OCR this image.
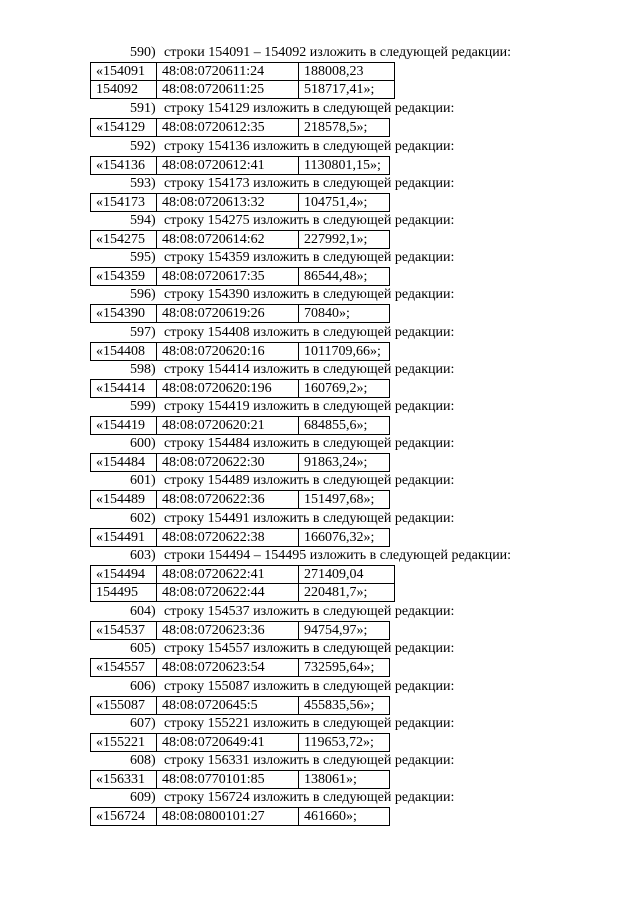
590) строки 154091 – 154092 изложить в следующей редакции:
«154091	48:08:0720611:24	188008,23
154092	48:08:0720611:25	518717,41»;
591) строку 154129 изложить в следующей редакции:
«154129	48:08:0720612:35	218578,5»;
592) строку 154136 изложить в следующей редакции:
«154136	48:08:0720612:41	1130801,15»;
593) строку 154173 изложить в следующей редакции:
«154173	48:08:0720613:32	104751,4»;
594) строку 154275 изложить в следующей редакции:
«154275	48:08:0720614:62	227992,1»;
595) строку 154359 изложить в следующей редакции:
«154359	48:08:0720617:35	86544,48»;
596) строку 154390 изложить в следующей редакции:
«154390	48:08:0720619:26	70840»;
597) строку 154408 изложить в следующей редакции:
«154408	48:08:0720620:16	1011709,66»;
598) строку 154414 изложить в следующей редакции:
«154414	48:08:0720620:196	160769,2»;
599) строку 154419 изложить в следующей редакции:
«154419	48:08:0720620:21	684855,6»;
600) строку 154484 изложить в следующей редакции:
«154484	48:08:0720622:30	91863,24»;
601) строку 154489 изложить в следующей редакции:
«154489	48:08:0720622:36	151497,68»;
602) строку 154491 изложить в следующей редакции:
«154491	48:08:0720622:38	166076,32»;
603) строки 154494 – 154495 изложить в следующей редакции:
«154494	48:08:0720622:41	271409,04
154495	48:08:0720622:44	220481,7»;
604) строку 154537 изложить в следующей редакции:
«154537	48:08:0720623:36	94754,97»;
605) строку 154557 изложить в следующей редакции:
«154557	48:08:0720623:54	732595,64»;
606) строку 155087 изложить в следующей редакции:
«155087	48:08:0720645:5	455835,56»;
607) строку 155221 изложить в следующей редакции:
«155221	48:08:0720649:41	119653,72»;
608) строку 156331 изложить в следующей редакции:
«156331	48:08:0770101:85	138061»;
609) строку 156724 изложить в следующей редакции:
«156724	48:08:0800101:27	461660»;
